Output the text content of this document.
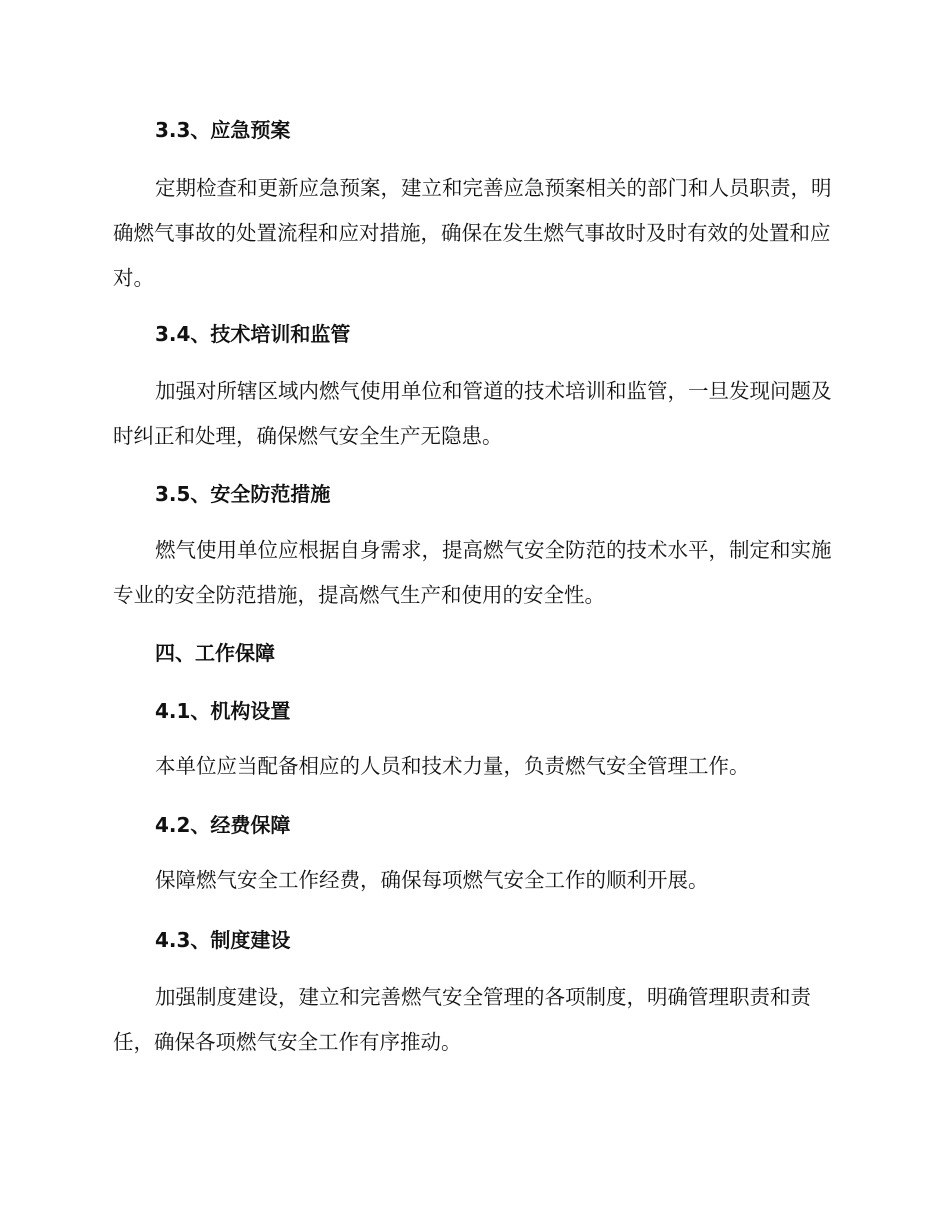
3.3、应急预案

定期检查和更新应急预案，建立和完善应急预案相关的部门和人员职责，明确燃气事故的处置流程和应对措施，确保在发生燃气事故时及时有效的处置和应对。

3.4、技术培训和监管

加强对所辖区域内燃气使用单位和管道的技术培训和监管，一旦发现问题及时纠正和处理，确保燃气安全生产无隐患。

3.5、安全防范措施

燃气使用单位应根据自身需求，提高燃气安全防范的技术水平，制定和实施专业的安全防范措施，提高燃气生产和使用的安全性。

四、工作保障
4.1、机构设置

本单位应当配备相应的人员和技术力量，负责燃气安全管理工作。

4.2、经费保障

保障燃气安全工作经费，确保每项燃气安全工作的顺利开展。

4.3、制度建设

加强制度建设，建立和完善燃气安全管理的各项制度，明确管理职责和责任，确保各项燃气安全工作有序推动。
